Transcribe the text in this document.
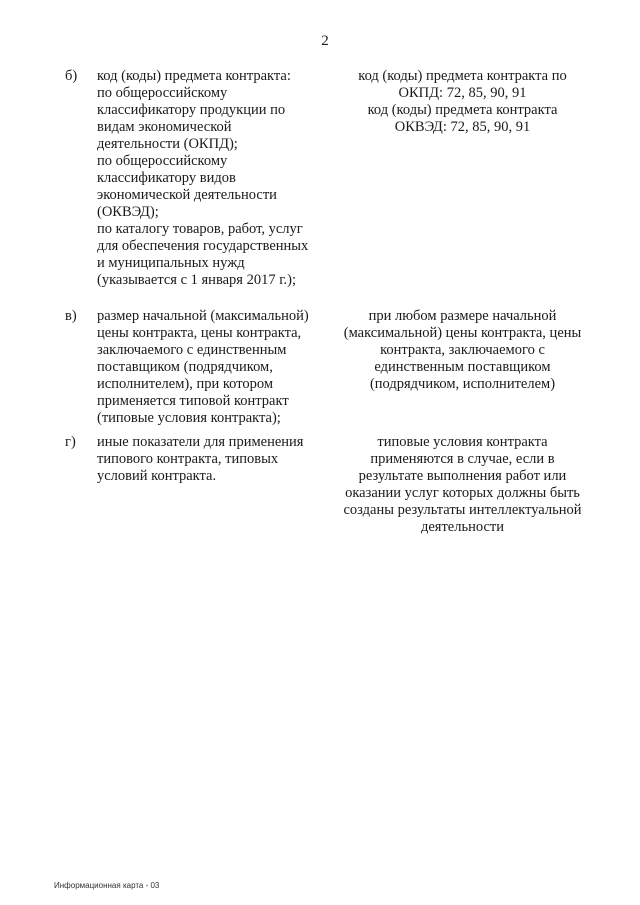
2
б) код (коды) предмета контракта:
по общероссийскому
классификатору продукции по
видам экономической
деятельности (ОКПД);
по общероссийскому
классификатору видов
экономической деятельности
(ОКВЭД);
по каталогу товаров, работ, услуг
для обеспечения государственных
и муниципальных нужд
(указывается с 1 января 2017 г.);
код (коды) предмета контракта по
ОКПД: 72, 85, 90, 91
код (коды) предмета контракта
ОКВЭД: 72, 85, 90, 91
в) размер начальной (максимальной)
цены контракта, цены контракта,
заключаемого с единственным
поставщиком (подрядчиком,
исполнителем), при котором
применяется типовой контракт
(типовые условия контракта);
при любом размере начальной
(максимальной) цены контракта, цены
контракта, заключаемого с
единственным поставщиком
(подрядчиком, исполнителем)
г) иные показатели для применения
типового контракта, типовых
условий контракта.
типовые условия контракта
применяются в случае, если в
результате выполнения работ или
оказании услуг которых должны быть
созданы результаты интеллектуальной
деятельности
Информационная карта - 03
